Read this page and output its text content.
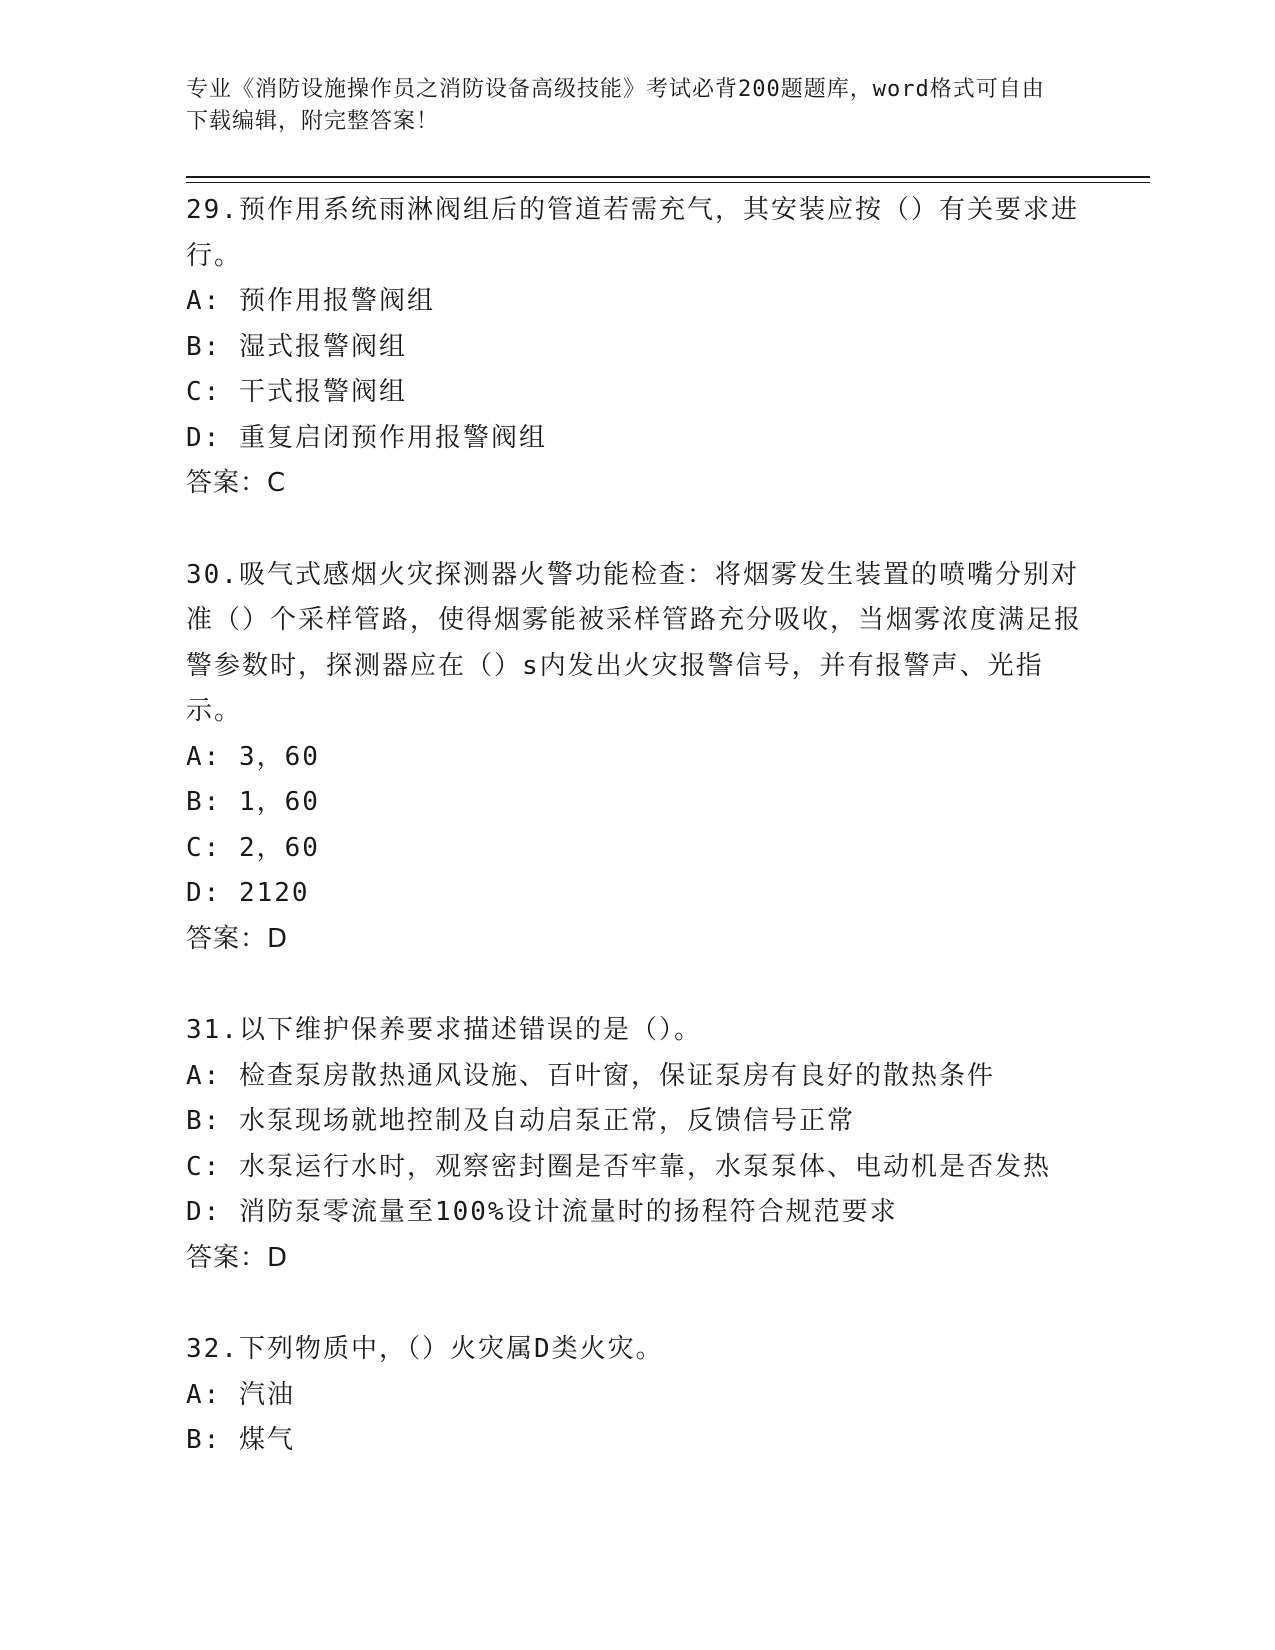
专业《消防设施操作员之消防设备高级技能》考试必背200题题库，word格式可自由下载编辑，附完整答案！
29.预作用系统雨淋阀组后的管道若需充气，其安装应按（）有关要求进行。
A: 预作用报警阀组
B: 湿式报警阀组
C: 干式报警阀组
D: 重复启闭预作用报警阀组
答案：C
30.吸气式感烟火灾探测器火警功能检查：将烟雾发生装置的喷嘴分别对准（）个采样管路，使得烟雾能被采样管路充分吸收，当烟雾浓度满足报警参数时，探测器应在（）s内发出火灾报警信号，并有报警声、光指示。
A: 3，60
B: 1，60
C: 2，60
D: 2120
答案：D
31.以下维护保养要求描述错误的是（）。
A: 检查泵房散热通风设施、百叶窗，保证泵房有良好的散热条件
B: 水泵现场就地控制及自动启泵正常，反馈信号正常
C: 水泵运行水时，观察密封圈是否牢靠，水泵泵体、电动机是否发热
D: 消防泵零流量至100%设计流量时的扬程符合规范要求
答案：D
32.下列物质中，（）火灾属D类火灾。
A: 汽油
B: 煤气
